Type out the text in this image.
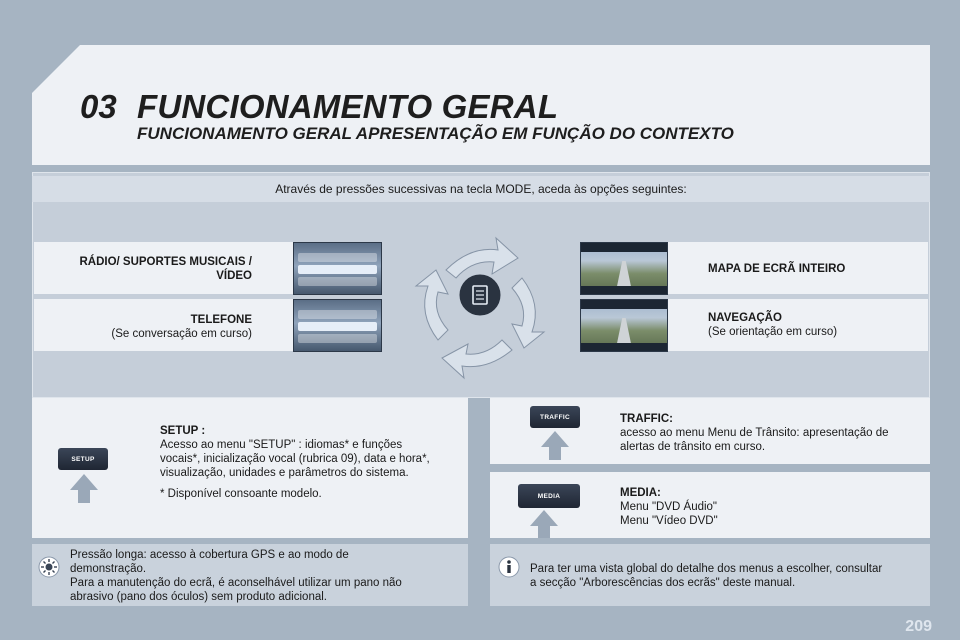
03 FUNCIONAMENTO GERAL
FUNCIONAMENTO GERAL APRESENTAÇÃO EM FUNÇÃO DO CONTEXTO
Através de pressões sucessivas na tecla MODE, aceda às opções seguintes:
RÁDIO/ SUPORTES MUSICAIS /
VÍDEO
TELEFONE
(Se conversação em curso)
MAPA DE ECRÃ INTEIRO
NAVEGAÇÃO
(Se orientação em curso)
SETUP
SETUP :
Acesso ao menu "SETUP" : idiomas* e funções
vocais*, inicialização vocal (rubrica 09), data e hora*,
visualização, unidades e parâmetros do sistema.
* Disponível consoante modelo.
TRAFFIC	TRAFFIC:
acesso ao menu Menu de Trânsito: apresentação de
alertas de trânsito em curso.
MEDIA	MEDIA:
Menu "DVD Áudio"
Menu "Vídeo DVD"
Pressão longa: acesso à cobertura GPS e ao modo de
demonstração.
Para a manutenção do ecrã, é aconselhável utilizar um pano não
abrasivo (pano dos óculos) sem produto adicional.
Para ter uma vista global do detalhe dos menus a escolher, consultar
a secção "Arborescências dos ecrãs" deste manual.
209
